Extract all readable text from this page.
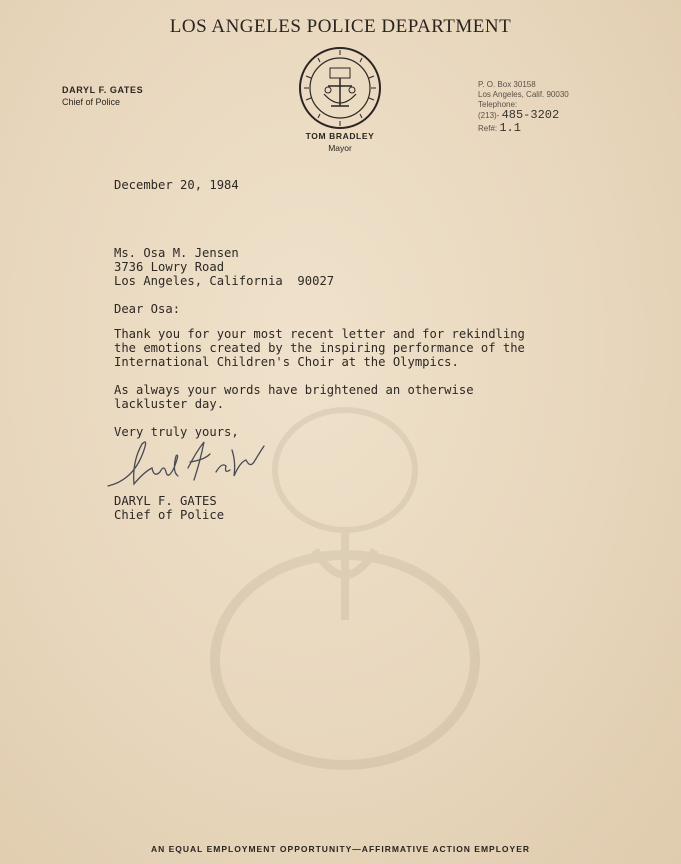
LOS ANGELES POLICE DEPARTMENT
DARYL F. GATES
Chief of Police
TOM BRADLEY
Mayor
P. O. Box 30158
Los Angeles, Calif. 90030
Telephone:
(213)- 485-3202
Ref#: 1.1
December 20, 1984
Ms. Osa M. Jensen
3736 Lowry Road
Los Angeles, California  90027
Dear Osa:
Thank you for your most recent letter and for rekindling
the emotions created by the inspiring performance of the
International Children's Choir at the Olympics.
As always your words have brightened an otherwise
lackluster day.
Very truly yours,
DARYL F. GATES
Chief of Police
AN EQUAL EMPLOYMENT OPPORTUNITY—AFFIRMATIVE ACTION EMPLOYER
